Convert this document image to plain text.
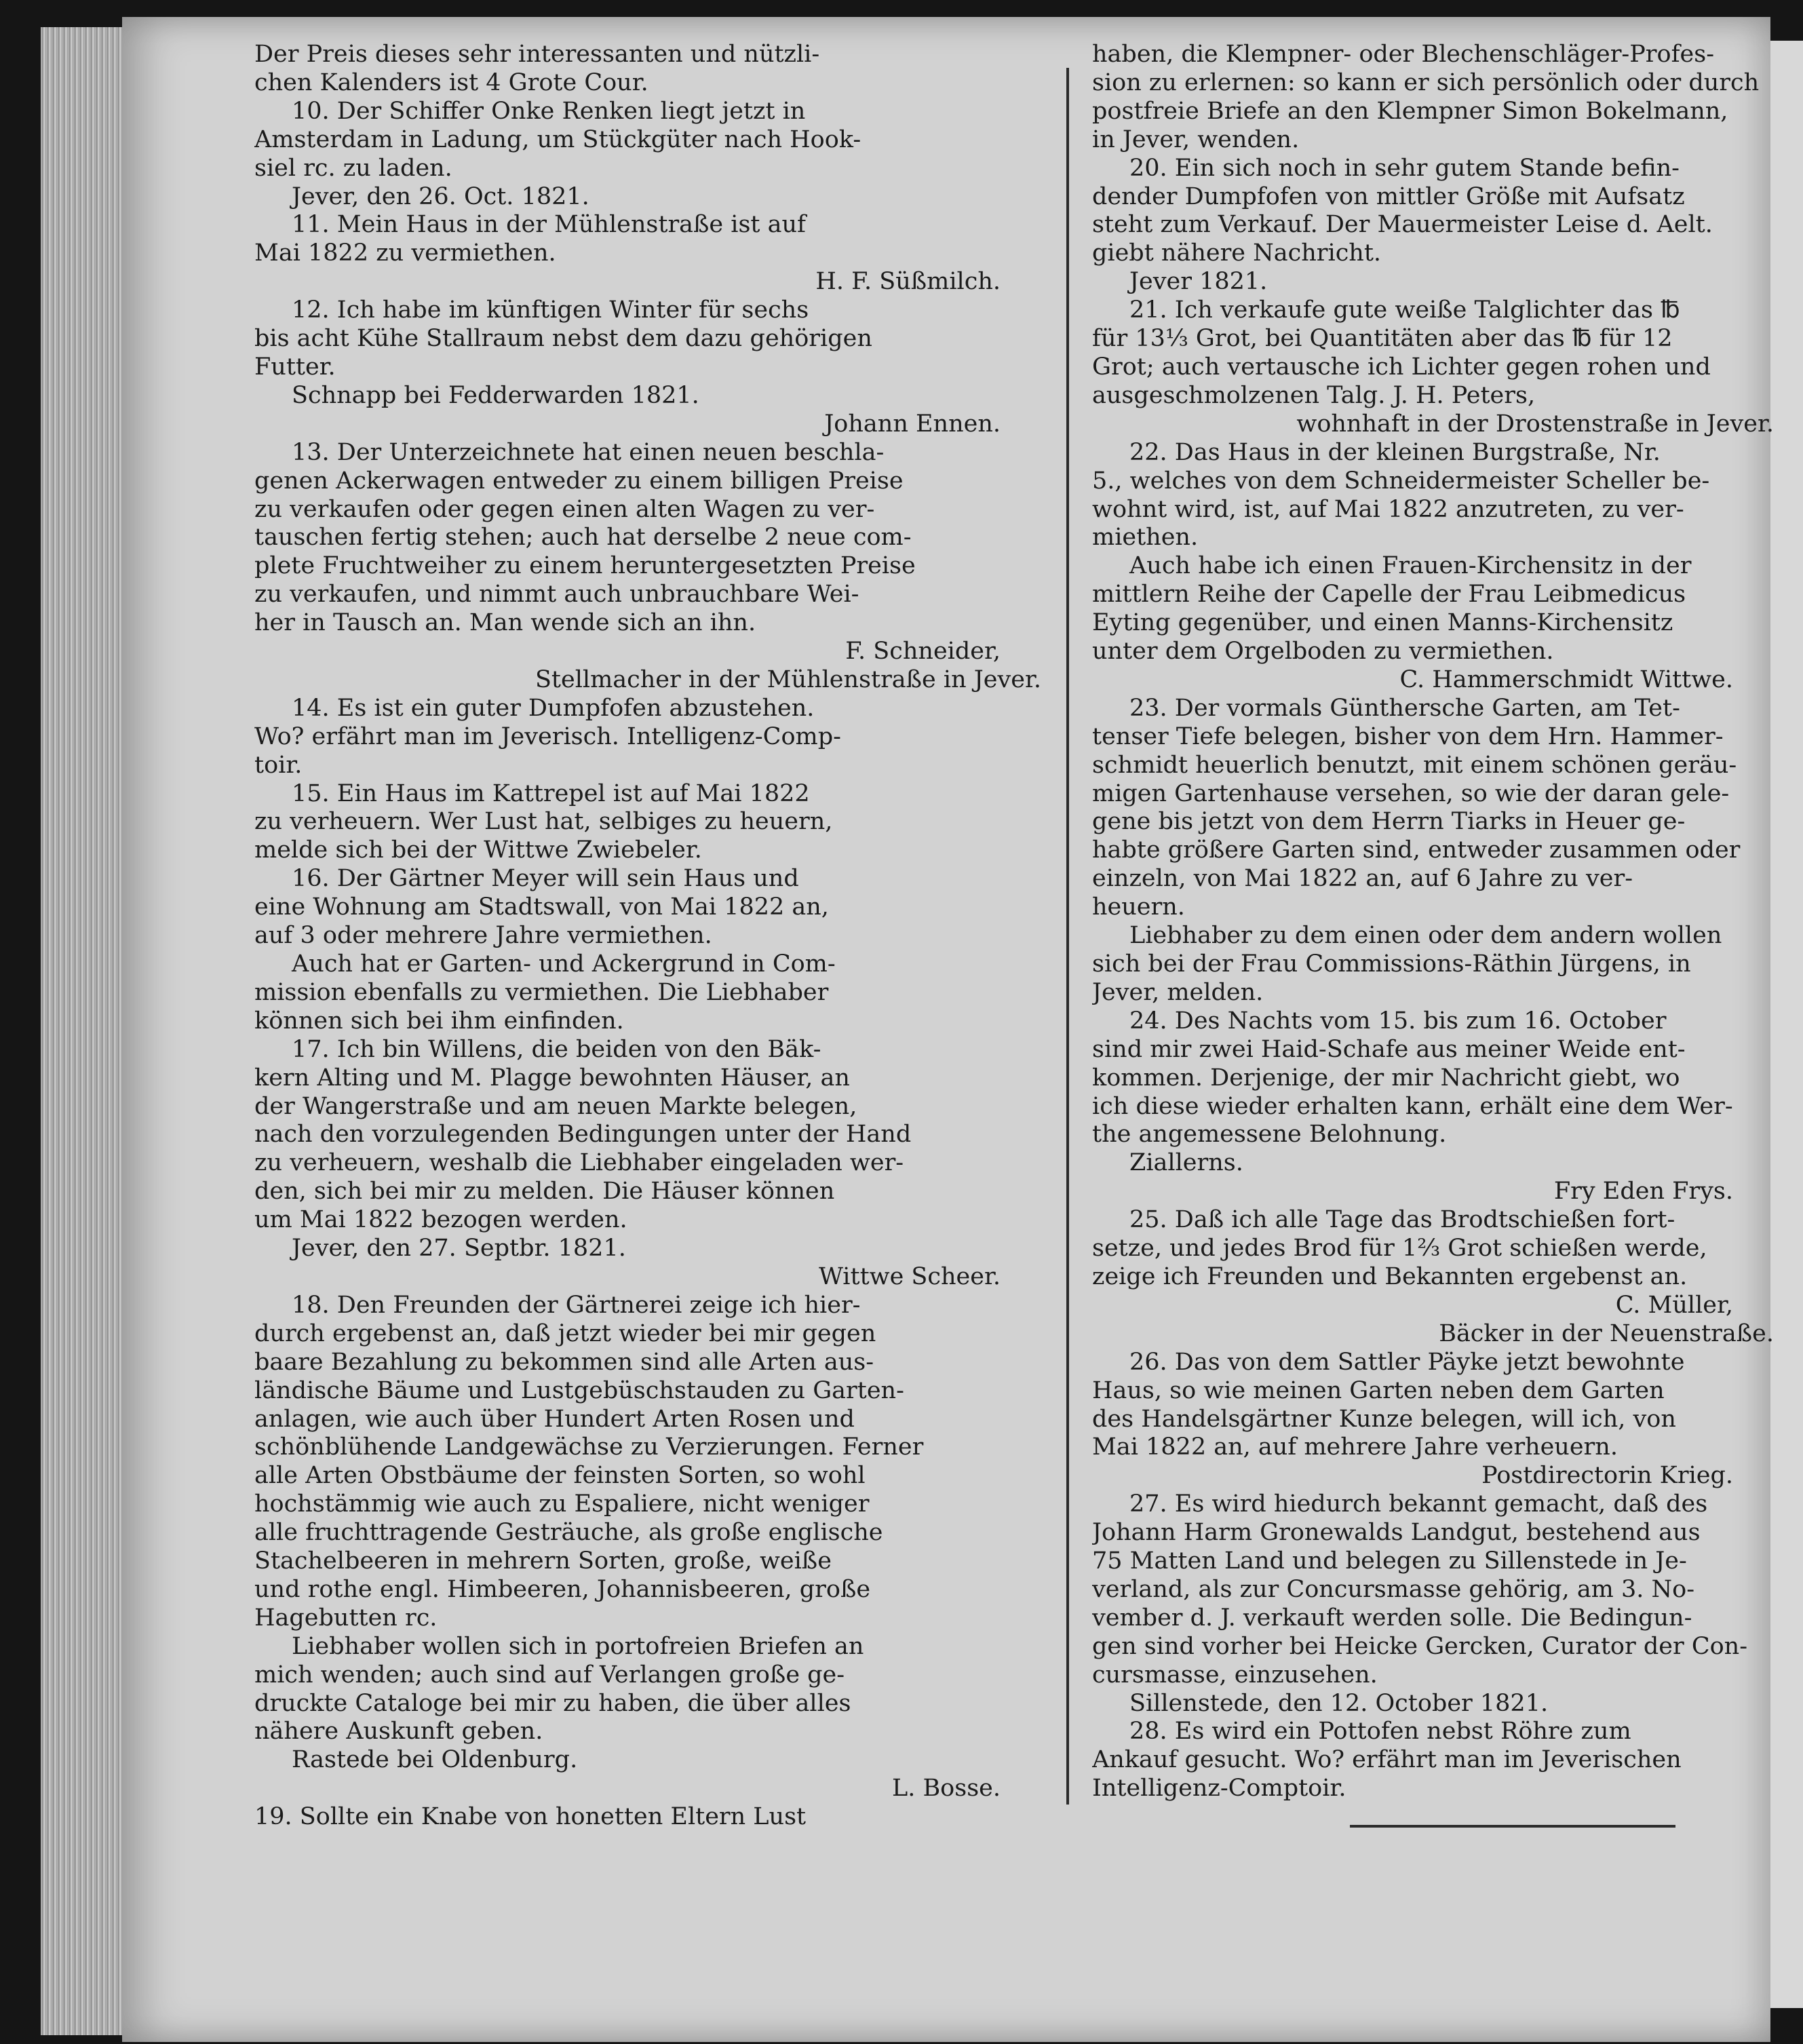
Der Preis dieses sehr interessanten und nützli-
chen Kalenders ist 4 Grote Cour.
10. Der Schiffer Onke Renken liegt jetzt in
Amsterdam in Ladung, um Stückgüter nach Hook-
siel rc. zu laden.
Jever, den 26. Oct. 1821.
11. Mein Haus in der Mühlenstraße ist auf
Mai 1822 zu vermiethen.
H. F. Süßmilch.
12. Ich habe im künftigen Winter für sechs
bis acht Kühe Stallraum nebst dem dazu gehörigen
Futter.
Schnapp bei Fedderwarden 1821.
Johann Ennen.
13. Der Unterzeichnete hat einen neuen beschla-
genen Ackerwagen entweder zu einem billigen Preise
zu verkaufen oder gegen einen alten Wagen zu ver-
tauschen fertig stehen; auch hat derselbe 2 neue com-
plete Fruchtweiher zu einem heruntergesetzten Preise
zu verkaufen, und nimmt auch unbrauchbare Wei-
her in Tausch an. Man wende sich an ihn.
F. Schneider,
Stellmacher in der Mühlenstraße in Jever.
14. Es ist ein guter Dumpfofen abzustehen.
Wo? erfährt man im Jeverisch. Intelligenz-Comp-
toir.
15. Ein Haus im Kattrepel ist auf Mai 1822
zu verheuern. Wer Lust hat, selbiges zu heuern,
melde sich bei der Wittwe Zwiebeler.
16. Der Gärtner Meyer will sein Haus und
eine Wohnung am Stadtswall, von Mai 1822 an,
auf 3 oder mehrere Jahre vermiethen.
Auch hat er Garten- und Ackergrund in Com-
mission ebenfalls zu vermiethen. Die Liebhaber
können sich bei ihm einfinden.
17. Ich bin Willens, die beiden von den Bäk-
kern Alting und M. Plagge bewohnten Häuser, an
der Wangerstraße und am neuen Markte belegen,
nach den vorzulegenden Bedingungen unter der Hand
zu verheuern, weshalb die Liebhaber eingeladen wer-
den, sich bei mir zu melden. Die Häuser können
um Mai 1822 bezogen werden.
Jever, den 27. Septbr. 1821.
Wittwe Scheer.
18. Den Freunden der Gärtnerei zeige ich hier-
durch ergebenst an, daß jetzt wieder bei mir gegen
baare Bezahlung zu bekommen sind alle Arten aus-
ländische Bäume und Lustgebüschstauden zu Garten-
anlagen, wie auch über Hundert Arten Rosen und
schönblühende Landgewächse zu Verzierungen. Ferner
alle Arten Obstbäume der feinsten Sorten, so wohl
hochstämmig wie auch zu Espaliere, nicht weniger
alle fruchttragende Gesträuche, als große englische
Stachelbeeren in mehrern Sorten, große, weiße
und rothe engl. Himbeeren, Johannisbeeren, große
Hagebutten rc.
Liebhaber wollen sich in portofreien Briefen an
mich wenden; auch sind auf Verlangen große ge-
druckte Cataloge bei mir zu haben, die über alles
nähere Auskunft geben.
Rastede bei Oldenburg.
L. Bosse.
19. Sollte ein Knabe von honetten Eltern Lust
haben, die Klempner- oder Blechenschläger-Profes-
sion zu erlernen: so kann er sich persönlich oder durch
postfreie Briefe an den Klempner Simon Bokelmann,
in Jever, wenden.
20. Ein sich noch in sehr gutem Stande befin-
dender Dumpfofen von mittler Größe mit Aufsatz
steht zum Verkauf. Der Mauermeister Leise d. Aelt.
giebt nähere Nachricht.
Jever 1821.
21. Ich verkaufe gute weiße Talglichter das ℔
für 13⅓ Grot, bei Quantitäten aber das ℔ für 12
Grot; auch vertausche ich Lichter gegen rohen und
ausgeschmolzenen Talg. J. H. Peters,
wohnhaft in der Drostenstraße in Jever.
22. Das Haus in der kleinen Burgstraße, Nr.
5., welches von dem Schneidermeister Scheller be-
wohnt wird, ist, auf Mai 1822 anzutreten, zu ver-
miethen.
Auch habe ich einen Frauen-Kirchensitz in der
mittlern Reihe der Capelle der Frau Leibmedicus
Eyting gegenüber, und einen Manns-Kirchensitz
unter dem Orgelboden zu vermiethen.
C. Hammerschmidt Wittwe.
23. Der vormals Günthersche Garten, am Tet-
tenser Tiefe belegen, bisher von dem Hrn. Hammer-
schmidt heuerlich benutzt, mit einem schönen geräu-
migen Gartenhause versehen, so wie der daran gele-
gene bis jetzt von dem Herrn Tiarks in Heuer ge-
habte größere Garten sind, entweder zusammen oder
einzeln, von Mai 1822 an, auf 6 Jahre zu ver-
heuern.
Liebhaber zu dem einen oder dem andern wollen
sich bei der Frau Commissions-Räthin Jürgens, in
Jever, melden.
24. Des Nachts vom 15. bis zum 16. October
sind mir zwei Haid-Schafe aus meiner Weide ent-
kommen. Derjenige, der mir Nachricht giebt, wo
ich diese wieder erhalten kann, erhält eine dem Wer-
the angemessene Belohnung.
Ziallerns.
Fry Eden Frys.
25. Daß ich alle Tage das Brodtschießen fort-
setze, und jedes Brod für 1⅔ Grot schießen werde,
zeige ich Freunden und Bekannten ergebenst an.
C. Müller,
Bäcker in der Neuenstraße.
26. Das von dem Sattler Päyke jetzt bewohnte
Haus, so wie meinen Garten neben dem Garten
des Handelsgärtner Kunze belegen, will ich, von
Mai 1822 an, auf mehrere Jahre verheuern.
Postdirectorin Krieg.
27. Es wird hiedurch bekannt gemacht, daß des
Johann Harm Gronewalds Landgut, bestehend aus
75 Matten Land und belegen zu Sillenstede in Je-
verland, als zur Concursmasse gehörig, am 3. No-
vember d. J. verkauft werden solle. Die Bedingun-
gen sind vorher bei Heicke Gercken, Curator der Con-
cursmasse, einzusehen.
Sillenstede, den 12. October 1821.
28. Es wird ein Pottofen nebst Röhre zum
Ankauf gesucht. Wo? erfährt man im Jeverischen
Intelligenz-Comptoir.
